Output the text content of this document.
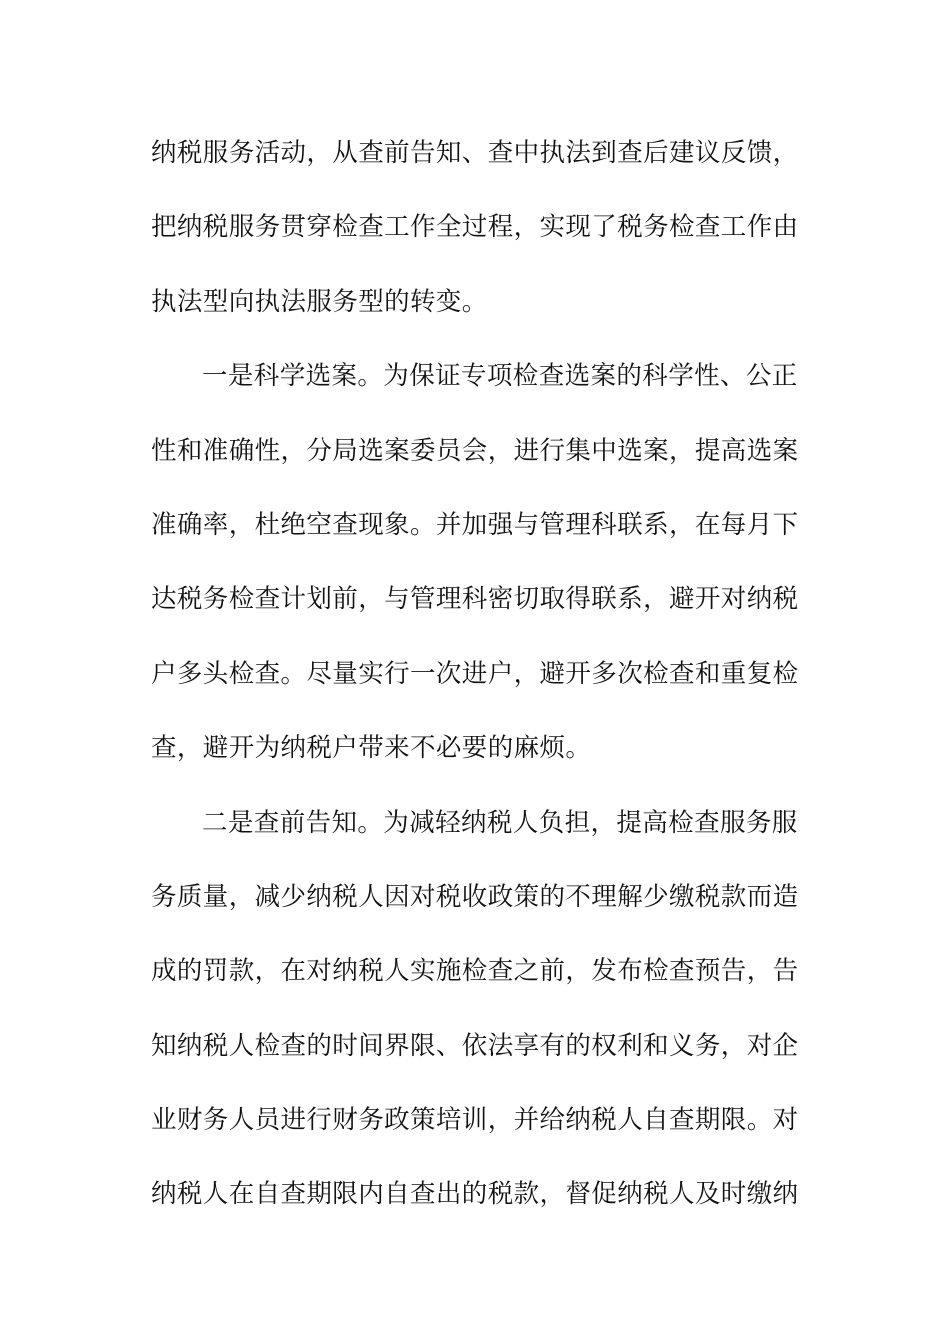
纳税服务活动，从查前告知、查中执法到查后建议反馈，
把纳税服务贯穿检查工作全过程，实现了税务检查工作由
执法型向执法服务型的转变。
一是科学选案。为保证专项检查选案的科学性、公正
性和准确性，分局选案委员会，进行集中选案，提高选案
准确率，杜绝空查现象。并加强与管理科联系，在每月下
达税务检查计划前，与管理科密切取得联系，避开对纳税
户多头检查。尽量实行一次进户，避开多次检查和重复检
查，避开为纳税户带来不必要的麻烦。
二是查前告知。为减轻纳税人负担，提高检查服务服
务质量，减少纳税人因对税收政策的不理解少缴税款而造
成的罚款，在对纳税人实施检查之前，发布检查预告，告
知纳税人检查的时间界限、依法享有的权利和义务，对企
业财务人员进行财务政策培训，并给纳税人自查期限。对
纳税人在自查期限内自查出的税款，督促纳税人及时缴纳
